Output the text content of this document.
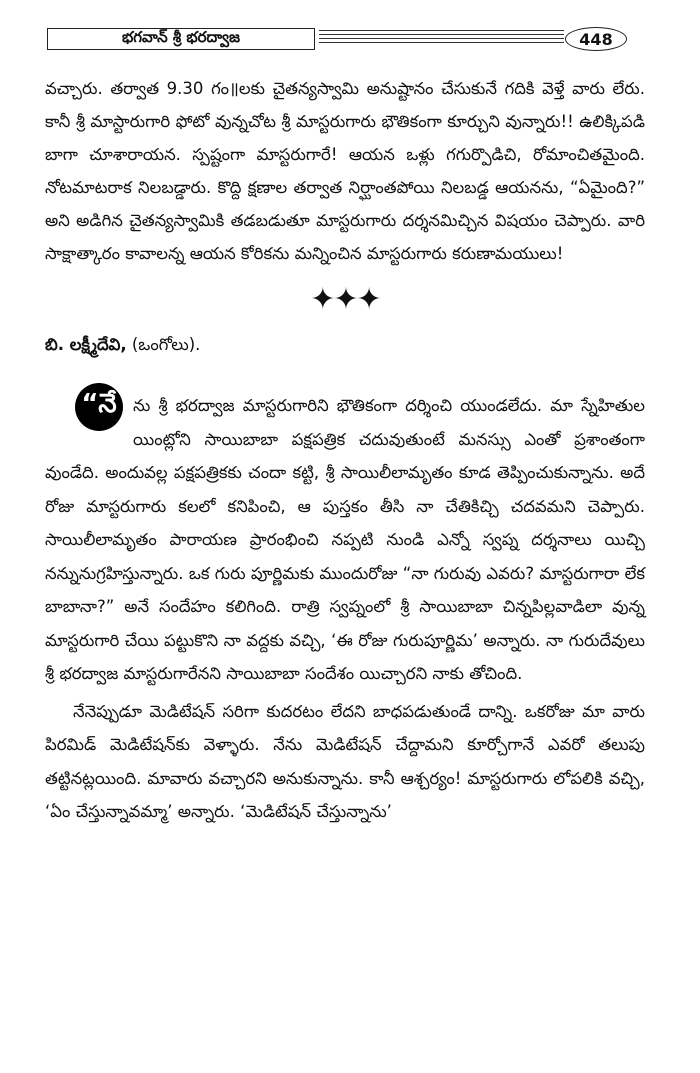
భగవాన్ శ్రీ భరద్వాజ	448

వచ్చారు. తర్వాత 9.30 గం॥లకు చైతన్యస్వామి అనుష్టానం చేసుకునే గదికి వెళ్తే వారు లేరు. కానీ శ్రీ మాస్టారుగారి ఫోటో వున్నచోట శ్రీ మాస్టరుగారు భౌతికంగా కూర్చుని వున్నారు!! ఉలిక్కిపడి బాగా చూశారాయన. స్పష్టంగా మాస్టరుగారే! ఆయన ఒళ్లు గగుర్పొడిచి, రోమాంచితమైంది. నోటమాటరాక నిలబడ్డారు. కొద్ది క్షణాల తర్వాత నిర్ఘాంతపోయి నిలబడ్డ ఆయనను, “ఏమైంది?” అని అడిగిన చైతన్యస్వామికి తడబడుతూ మాస్టరుగారు దర్శనమిచ్చిన విషయం చెప్పారు. వారి సాక్షాత్కారం కావాలన్న ఆయన కోరికను మన్నించిన మాస్టరుగారు కరుణామయులు!

✦✦✦
బి. లక్ష్మీదేవి, (ఒంగోలు).
“నే ను శ్రీ భరద్వాజ మాస్టరుగారిని భౌతికంగా దర్శించి యుండలేదు. మా స్నేహితుల యింట్లోని సాయిబాబా పక్షపత్రిక చదువుతుంటే మనస్సు ఎంతో ప్రశాంతంగా వుండేది. అందువల్ల పక్షపత్రికకు చందా కట్టి, శ్రీ సాయిలీలామృతం కూడ తెప్పించుకున్నాను. అదే రోజు మాస్టరుగారు కలలో కనిపించి, ఆ పుస్తకం తీసి నా చేతికిచ్చి చదవమని చెప్పారు. సాయిలీలామృతం పారాయణ ప్రారంభించి నప్పటి నుండి ఎన్నో స్వప్న దర్శనాలు యిచ్చి నన్నునుగ్రహిస్తున్నారు. ఒక గురు పూర్ణిమకు ముందురోజు “నా గురువు ఎవరు? మాస్టరుగారా లేక బాబానా?” అనే సందేహం కలిగింది. రాత్రి స్వప్నంలో శ్రీ సాయిబాబా చిన్నపిల్లవాడిలా వున్న మాస్టరుగారి చేయి పట్టుకొని నా వద్దకు వచ్చి, ‘ఈ రోజు గురుపూర్ణిమ’ అన్నారు. నా గురుదేవులు శ్రీ భరద్వాజ మాస్టరుగారేనని సాయిబాబా సందేశం యిచ్చారని నాకు తోచింది.

నేనెప్పుడూ మెడిటేషన్ సరిగా కుదరటం లేదని బాధపడుతుండే దాన్ని. ఒకరోజు మా వారు పిరమిడ్ మెడిటేషన్‌కు వెళ్ళారు. నేను మెడిటేషన్ చేద్దామని కూర్చోగానే ఎవరో తలుపు తట్టినట్లయింది. మావారు వచ్చారని అనుకున్నాను. కానీ ఆశ్చర్యం! మాస్టరుగారు లోపలికి వచ్చి, ‘ఏం చేస్తున్నావమ్మా’ అన్నారు. ‘మెడిటేషన్ చేస్తున్నాను’
